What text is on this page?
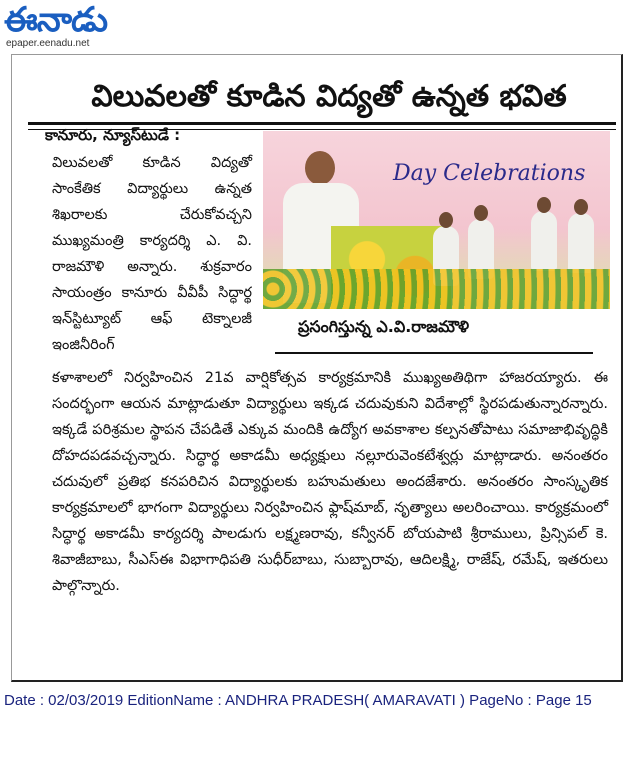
ఈనాడు
epaper.eenadu.net
విలువలతో కూడిన విద్యతో ఉన్నత భవిత
కానూరు, న్యూస్‌టుడే :

విలువలతో కూడిన విద్యతో సాంకేతిక విద్యార్థులు ఉన్నత శిఖరాలకు చేరుకోవచ్చని ముఖ్యమంత్రి కార్యదర్శి ఎ. వి. రాజమౌళి అన్నారు. శుక్రవారం సాయంత్రం కానూరు వీవీపీ సిద్ధార్థ ఇన్‌స్టిట్యూట్ ఆఫ్ టెక్నాలజీ ఇంజినీరింగ్

Day Celebrations
ప్రసంగిస్తున్న ఎ.వి.రాజమౌళి

కళాశాలలో నిర్వహించిన 21వ వార్షికోత్సవ కార్యక్రమానికి ముఖ్యఅతిథిగా హాజరయ్యారు. ఈ సందర్భంగా ఆయన మాట్లాడుతూ విద్యార్థులు ఇక్కడ చదువుకుని విదేశాల్లో స్థిరపడుతున్నారన్నారు. ఇక్కడే పరిశ్రమల స్థాపన చేపడితే ఎక్కువ మందికి ఉద్యోగ అవకాశాల కల్పనతోపాటు సమాజాభివృద్ధికి దోహదపడవచ్చన్నారు. సిద్ధార్థ అకాడమీ అధ్యక్షులు నల్లూరువెంకటేశ్వర్లు మాట్లాడారు. అనంతరం చదువులో ప్రతిభ కనపరిచిన విద్యార్థులకు బహుమతులు అందజేశారు. అనంతరం సాంస్కృతిక కార్యక్రమాలలో భాగంగా విద్యార్థులు నిర్వహించిన ఫ్లాష్‌మాబ్, నృత్యాలు అలరించాయి. కార్యక్రమంలో సిద్ధార్థ అకాడమీ కార్యదర్శి పాలడుగు లక్ష్మణరావు, కన్వీనర్ బోయపాటి శ్రీరాములు, ప్రిన్సిపల్ కె. శివాజీబాబు, సీఎస్ఈ విభాగాధిపతి సుధీర్‌బాబు, సుబ్బారావు, ఆదిలక్ష్మి, రాజేష్, రమేష్, ఇతరులు పాల్గొన్నారు.

Date : 02/03/2019 EditionName : ANDHRA PRADESH( AMARAVATI ) PageNo : Page 15
